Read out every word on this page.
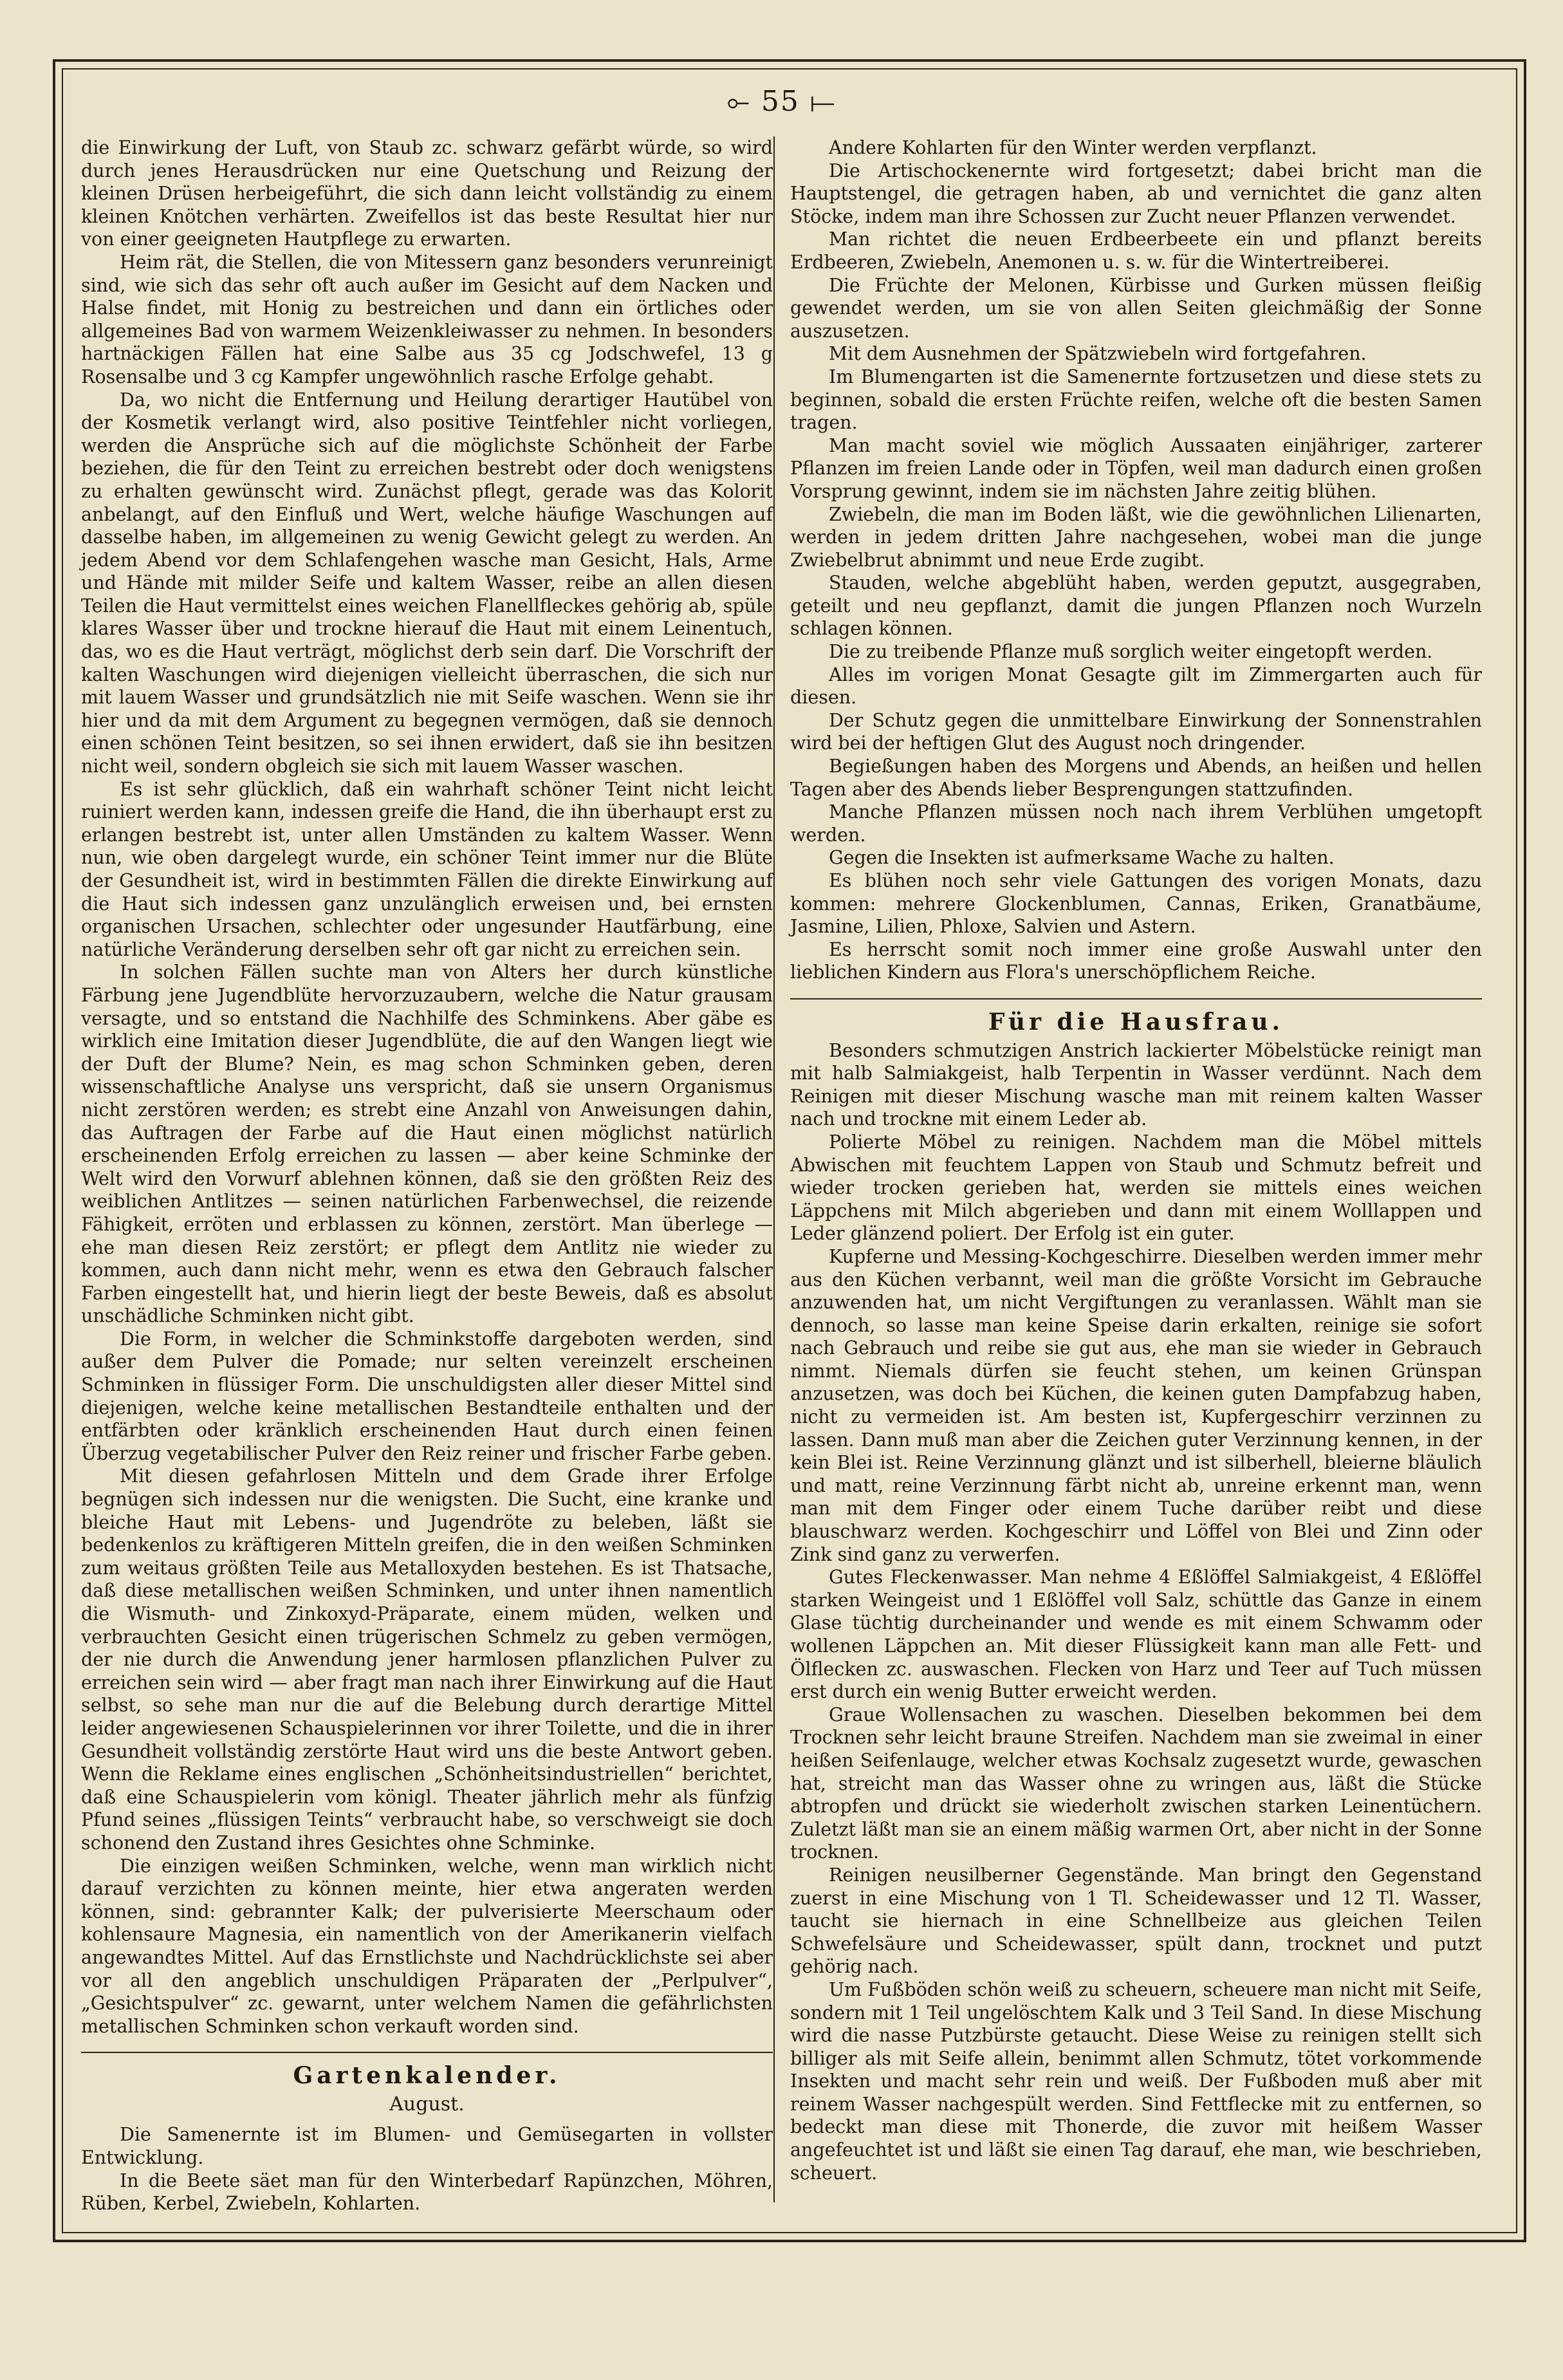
⟜ 55 ⟝

die Einwirkung der Luft, von Staub zc. schwarz gefärbt würde, so wird durch jenes Herausdrücken nur eine Quetschung und Reizung der kleinen Drüsen herbeigeführt, die sich dann leicht vollständig zu einem kleinen Knötchen verhärten. Zweifellos ist das beste Resultat hier nur von einer geeigneten Hautpflege zu erwarten.

Heim rät, die Stellen, die von Mitessern ganz besonders verunreinigt sind, wie sich das sehr oft auch außer im Gesicht auf dem Nacken und Halse findet, mit Honig zu bestreichen und dann ein örtliches oder allgemeines Bad von warmem Weizenkleiwasser zu nehmen. In besonders hartnäckigen Fällen hat eine Salbe aus 35 cg Jodschwefel, 13 g Rosensalbe und 3 cg Kampfer ungewöhnlich rasche Erfolge gehabt.

Da, wo nicht die Entfernung und Heilung derartiger Hautübel von der Kosmetik verlangt wird, also positive Teintfehler nicht vorliegen, werden die Ansprüche sich auf die möglichste Schönheit der Farbe beziehen, die für den Teint zu erreichen bestrebt oder doch wenigstens zu erhalten gewünscht wird. Zunächst pflegt, gerade was das Kolorit anbelangt, auf den Einfluß und Wert, welche häufige Waschungen auf dasselbe haben, im allgemeinen zu wenig Gewicht gelegt zu werden. An jedem Abend vor dem Schlafengehen wasche man Gesicht, Hals, Arme und Hände mit milder Seife und kaltem Wasser, reibe an allen diesen Teilen die Haut vermittelst eines weichen Flanellfleckes gehörig ab, spüle klares Wasser über und trockne hierauf die Haut mit einem Leinentuch, das, wo es die Haut verträgt, möglichst derb sein darf. Die Vorschrift der kalten Waschungen wird diejenigen vielleicht überraschen, die sich nur mit lauem Wasser und grundsätzlich nie mit Seife waschen. Wenn sie ihr hier und da mit dem Argument zu begegnen vermögen, daß sie dennoch einen schönen Teint besitzen, so sei ihnen erwidert, daß sie ihn besitzen nicht weil, sondern obgleich sie sich mit lauem Wasser waschen.

Es ist sehr glücklich, daß ein wahrhaft schöner Teint nicht leicht ruiniert werden kann, indessen greife die Hand, die ihn überhaupt erst zu erlangen bestrebt ist, unter allen Umständen zu kaltem Wasser. Wenn nun, wie oben dargelegt wurde, ein schöner Teint immer nur die Blüte der Gesundheit ist, wird in bestimmten Fällen die direkte Einwirkung auf die Haut sich indessen ganz unzulänglich erweisen und, bei ernsten organischen Ursachen, schlechter oder ungesunder Hautfärbung, eine natürliche Veränderung derselben sehr oft gar nicht zu erreichen sein.

In solchen Fällen suchte man von Alters her durch künstliche Färbung jene Jugendblüte hervorzuzaubern, welche die Natur grausam versagte, und so entstand die Nachhilfe des Schminkens. Aber gäbe es wirklich eine Imitation dieser Jugendblüte, die auf den Wangen liegt wie der Duft der Blume? Nein, es mag schon Schminken geben, deren wissenschaftliche Analyse uns verspricht, daß sie unsern Organismus nicht zerstören werden; es strebt eine Anzahl von Anweisungen dahin, das Auftragen der Farbe auf die Haut einen möglichst natürlich erscheinenden Erfolg erreichen zu lassen — aber keine Schminke der Welt wird den Vorwurf ablehnen können, daß sie den größten Reiz des weiblichen Antlitzes — seinen natürlichen Farbenwechsel, die reizende Fähigkeit, erröten und erblassen zu können, zerstört. Man überlege — ehe man diesen Reiz zerstört; er pflegt dem Antlitz nie wieder zu kommen, auch dann nicht mehr, wenn es etwa den Gebrauch falscher Farben eingestellt hat, und hierin liegt der beste Beweis, daß es absolut unschädliche Schminken nicht gibt.

Die Form, in welcher die Schminkstoffe dargeboten werden, sind außer dem Pulver die Pomade; nur selten vereinzelt erscheinen Schminken in flüssiger Form. Die unschuldigsten aller dieser Mittel sind diejenigen, welche keine metallischen Bestandteile enthalten und der entfärbten oder kränklich erscheinenden Haut durch einen feinen Überzug vegetabilischer Pulver den Reiz reiner und frischer Farbe geben.

Mit diesen gefahrlosen Mitteln und dem Grade ihrer Erfolge begnügen sich indessen nur die wenigsten. Die Sucht, eine kranke und bleiche Haut mit Lebens- und Jugendröte zu beleben, läßt sie bedenkenlos zu kräftigeren Mitteln greifen, die in den weißen Schminken zum weitaus größten Teile aus Metalloxyden bestehen. Es ist Thatsache, daß diese metallischen weißen Schminken, und unter ihnen namentlich die Wismuth- und Zinkoxyd-Präparate, einem müden, welken und verbrauchten Gesicht einen trügerischen Schmelz zu geben vermögen, der nie durch die Anwendung jener harmlosen pflanzlichen Pulver zu erreichen sein wird — aber fragt man nach ihrer Einwirkung auf die Haut selbst, so sehe man nur die auf die Belebung durch derartige Mittel leider angewiesenen Schauspielerinnen vor ihrer Toilette, und die in ihrer Gesundheit vollständig zerstörte Haut wird uns die beste Antwort geben. Wenn die Reklame eines englischen „Schönheitsindustriellen“ berichtet, daß eine Schauspielerin vom königl. Theater jährlich mehr als fünfzig Pfund seines „flüssigen Teints“ verbraucht habe, so verschweigt sie doch schonend den Zustand ihres Gesichtes ohne Schminke.

Die einzigen weißen Schminken, welche, wenn man wirklich nicht darauf verzichten zu können meinte, hier etwa angeraten werden können, sind: gebrannter Kalk; der pulverisierte Meerschaum oder kohlensaure Magnesia, ein namentlich von der Amerikanerin vielfach angewandtes Mittel. Auf das Ernstlichste und Nachdrücklichste sei aber vor all den angeblich unschuldigen Präparaten der „Perlpulver“, „Gesichtspulver“ zc. gewarnt, unter welchem Namen die gefährlichsten metallischen Schminken schon verkauft worden sind.

Gartenkalender.
August.

Die Samenernte ist im Blumen- und Gemüsegarten in vollster Entwicklung.

In die Beete säet man für den Winterbedarf Rapünzchen, Möhren, Rüben, Kerbel, Zwiebeln, Kohlarten.

Andere Kohlarten für den Winter werden verpflanzt.

Die Artischockenernte wird fortgesetzt; dabei bricht man die Hauptstengel, die getragen haben, ab und vernichtet die ganz alten Stöcke, indem man ihre Schossen zur Zucht neuer Pflanzen verwendet.

Man richtet die neuen Erdbeerbeete ein und pflanzt bereits Erdbeeren, Zwiebeln, Anemonen u. s. w. für die Wintertreiberei.

Die Früchte der Melonen, Kürbisse und Gurken müssen fleißig gewendet werden, um sie von allen Seiten gleichmäßig der Sonne auszusetzen.

Mit dem Ausnehmen der Spätzwiebeln wird fortgefahren.

Im Blumengarten ist die Samenernte fortzusetzen und diese stets zu beginnen, sobald die ersten Früchte reifen, welche oft die besten Samen tragen.

Man macht soviel wie möglich Aussaaten einjähriger, zarterer Pflanzen im freien Lande oder in Töpfen, weil man dadurch einen großen Vorsprung gewinnt, indem sie im nächsten Jahre zeitig blühen.

Zwiebeln, die man im Boden läßt, wie die gewöhnlichen Lilienarten, werden in jedem dritten Jahre nachgesehen, wobei man die junge Zwiebelbrut abnimmt und neue Erde zugibt.

Stauden, welche abgeblüht haben, werden geputzt, ausgegraben, geteilt und neu gepflanzt, damit die jungen Pflanzen noch Wurzeln schlagen können.

Die zu treibende Pflanze muß sorglich weiter eingetopft werden.

Alles im vorigen Monat Gesagte gilt im Zimmergarten auch für diesen.

Der Schutz gegen die unmittelbare Einwirkung der Sonnenstrahlen wird bei der heftigen Glut des August noch dringender.

Begießungen haben des Morgens und Abends, an heißen und hellen Tagen aber des Abends lieber Besprengungen stattzufinden.

Manche Pflanzen müssen noch nach ihrem Verblühen umgetopft werden.

Gegen die Insekten ist aufmerksame Wache zu halten.

Es blühen noch sehr viele Gattungen des vorigen Monats, dazu kommen: mehrere Glockenblumen, Cannas, Eriken, Granatbäume, Jasmine, Lilien, Phloxe, Salvien und Astern.

Es herrscht somit noch immer eine große Auswahl unter den lieblichen Kindern aus Flora's unerschöpflichem Reiche.

Für die Hausfrau.

Besonders schmutzigen Anstrich lackierter Möbelstücke reinigt man mit halb Salmiakgeist, halb Terpentin in Wasser verdünnt. Nach dem Reinigen mit dieser Mischung wasche man mit reinem kalten Wasser nach und trockne mit einem Leder ab.

Polierte Möbel zu reinigen. Nachdem man die Möbel mittels Abwischen mit feuchtem Lappen von Staub und Schmutz befreit und wieder trocken gerieben hat, werden sie mittels eines weichen Läppchens mit Milch abgerieben und dann mit einem Wolllappen und Leder glänzend poliert. Der Erfolg ist ein guter.

Kupferne und Messing-Kochgeschirre. Dieselben werden immer mehr aus den Küchen verbannt, weil man die größte Vorsicht im Gebrauche anzuwenden hat, um nicht Vergiftungen zu veranlassen. Wählt man sie dennoch, so lasse man keine Speise darin erkalten, reinige sie sofort nach Gebrauch und reibe sie gut aus, ehe man sie wieder in Gebrauch nimmt. Niemals dürfen sie feucht stehen, um keinen Grünspan anzusetzen, was doch bei Küchen, die keinen guten Dampfabzug haben, nicht zu vermeiden ist. Am besten ist, Kupfergeschirr verzinnen zu lassen. Dann muß man aber die Zeichen guter Verzinnung kennen, in der kein Blei ist. Reine Verzinnung glänzt und ist silberhell, bleierne bläulich und matt, reine Verzinnung färbt nicht ab, unreine erkennt man, wenn man mit dem Finger oder einem Tuche darüber reibt und diese blauschwarz werden. Kochgeschirr und Löffel von Blei und Zinn oder Zink sind ganz zu verwerfen.

Gutes Fleckenwasser. Man nehme 4 Eßlöffel Salmiakgeist, 4 Eßlöffel starken Weingeist und 1 Eßlöffel voll Salz, schüttle das Ganze in einem Glase tüchtig durcheinander und wende es mit einem Schwamm oder wollenen Läppchen an. Mit dieser Flüssigkeit kann man alle Fett- und Ölflecken zc. auswaschen. Flecken von Harz und Teer auf Tuch müssen erst durch ein wenig Butter erweicht werden.

Graue Wollensachen zu waschen. Dieselben bekommen bei dem Trocknen sehr leicht braune Streifen. Nachdem man sie zweimal in einer heißen Seifenlauge, welcher etwas Kochsalz zugesetzt wurde, gewaschen hat, streicht man das Wasser ohne zu wringen aus, läßt die Stücke abtropfen und drückt sie wiederholt zwischen starken Leinentüchern. Zuletzt läßt man sie an einem mäßig warmen Ort, aber nicht in der Sonne trocknen.

Reinigen neusilberner Gegenstände. Man bringt den Gegenstand zuerst in eine Mischung von 1 Tl. Scheidewasser und 12 Tl. Wasser, taucht sie hiernach in eine Schnellbeize aus gleichen Teilen Schwefelsäure und Scheidewasser, spült dann, trocknet und putzt gehörig nach.

Um Fußböden schön weiß zu scheuern, scheuere man nicht mit Seife, sondern mit 1 Teil ungelöschtem Kalk und 3 Teil Sand. In diese Mischung wird die nasse Putzbürste getaucht. Diese Weise zu reinigen stellt sich billiger als mit Seife allein, benimmt allen Schmutz, tötet vorkommende Insekten und macht sehr rein und weiß. Der Fußboden muß aber mit reinem Wasser nachgespült werden. Sind Fettflecke mit zu entfernen, so bedeckt man diese mit Thonerde, die zuvor mit heißem Wasser angefeuchtet ist und läßt sie einen Tag darauf, ehe man, wie beschrieben, scheuert.
